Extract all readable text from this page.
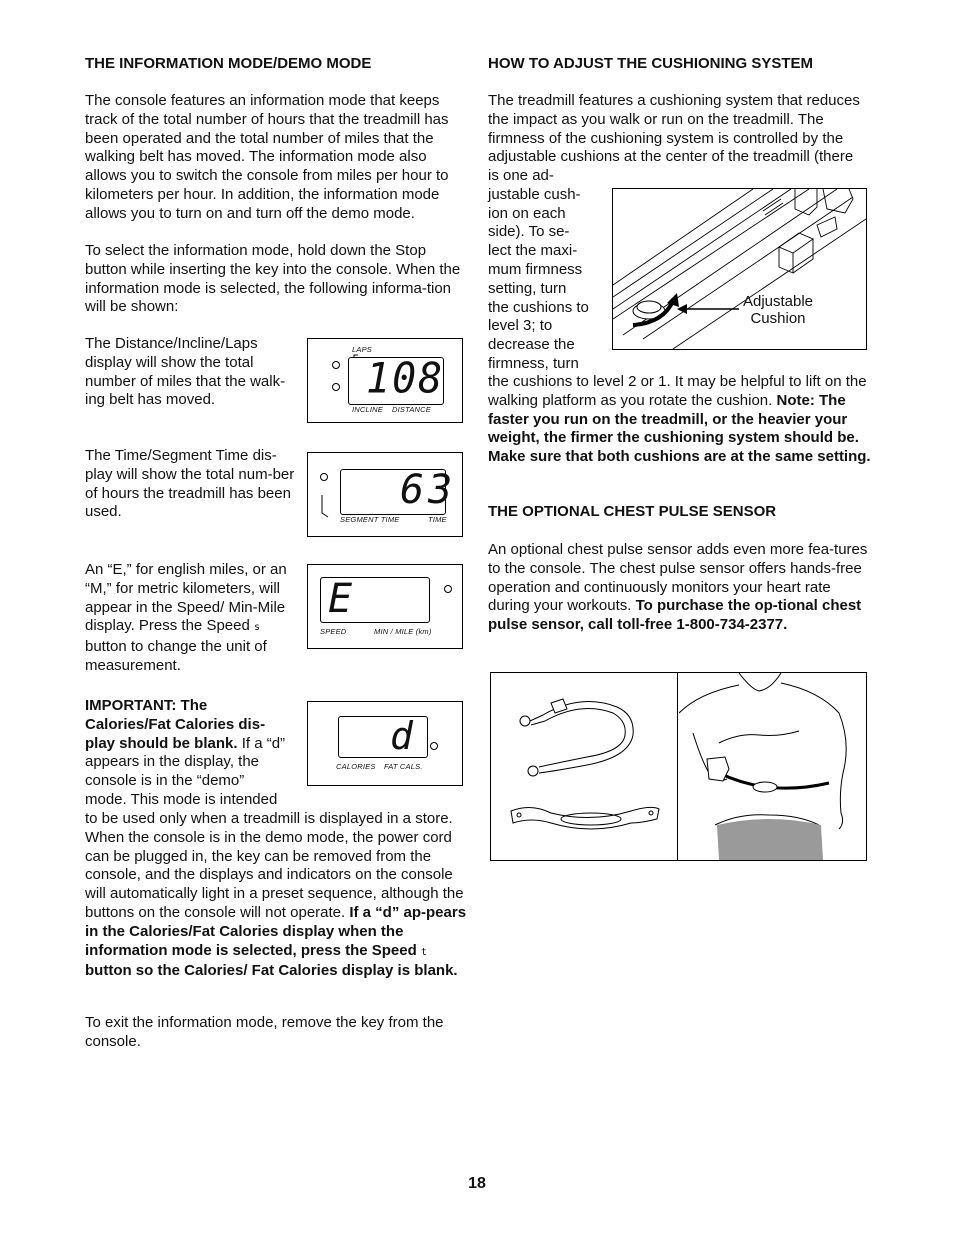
THE INFORMATION MODE/DEMO MODE
The console features an information mode that keeps track of the total number of hours that the treadmill has been operated and the total number of miles that the walking belt has moved. The information mode also allows you to switch the console from miles per hour to kilometers per hour. In addition, the information mode allows you to turn on and turn off the demo mode.
To select the information mode, hold down the Stop button while inserting the key into the console. When the information mode is selected, the following informa-tion will be shown:
The Distance/Incline/Laps display will show the total number of miles that the walk-ing belt has moved.
The Time/Segment Time dis-play will show the total num-ber of hours the treadmill has been used.
An “E,” for english miles, or an “M,” for metric kilometers, will appear in the Speed/ Min-Mile display. Press the Speed s button to change the unit of measurement.
IMPORTANT: The Calories/Fat Calories dis-play should be blank. If a “d” appears in the display, the console is in the “demo” mode. This mode is intended
to be used only when a treadmill is displayed in a store. When the console is in the demo mode, the power cord can be plugged in, the key can be removed from the console, and the displays and indicators on the console will automatically light in a preset sequence, although the buttons on the console will not operate. If a “d” ap-pears in the Calories/Fat Calories display when the information mode is selected, press the Speed t button so the Calories/ Fat Calories display is blank.
To exit the information mode, remove the key from the console.
LAPS
108
INCLINE DISTANCE
63
SEGMENT TIME	TIME
E
SPEED	MIN / MILE (km)
d
CALORIES FAT CALS.
HOW TO ADJUST THE CUSHIONING SYSTEM
The treadmill features a cushioning system that reduces the impact as you walk or run on the treadmill. The firmness of the cushioning system is controlled by the adjustable cushions at the center of the treadmill (there
is one ad-justable cush-ion on each side). To se-lect the maxi-mum firmness setting, turn the cushions to level 3; to decrease the firmness, turn
the cushions to level 2 or 1. It may be helpful to lift on the walking platform as you rotate the cushion. Note: The faster you run on the treadmill, or the heavier your weight, the firmer the cushioning system should be. Make sure that both cushions are at the same setting.
Adjustable
Cushion
THE OPTIONAL CHEST PULSE SENSOR
An optional chest pulse sensor adds even more fea-tures to the console. The chest pulse sensor offers hands-free operation and continuously monitors your heart rate during your workouts. To purchase the op-tional chest pulse sensor, call toll-free 1-800-734-2377.
18
